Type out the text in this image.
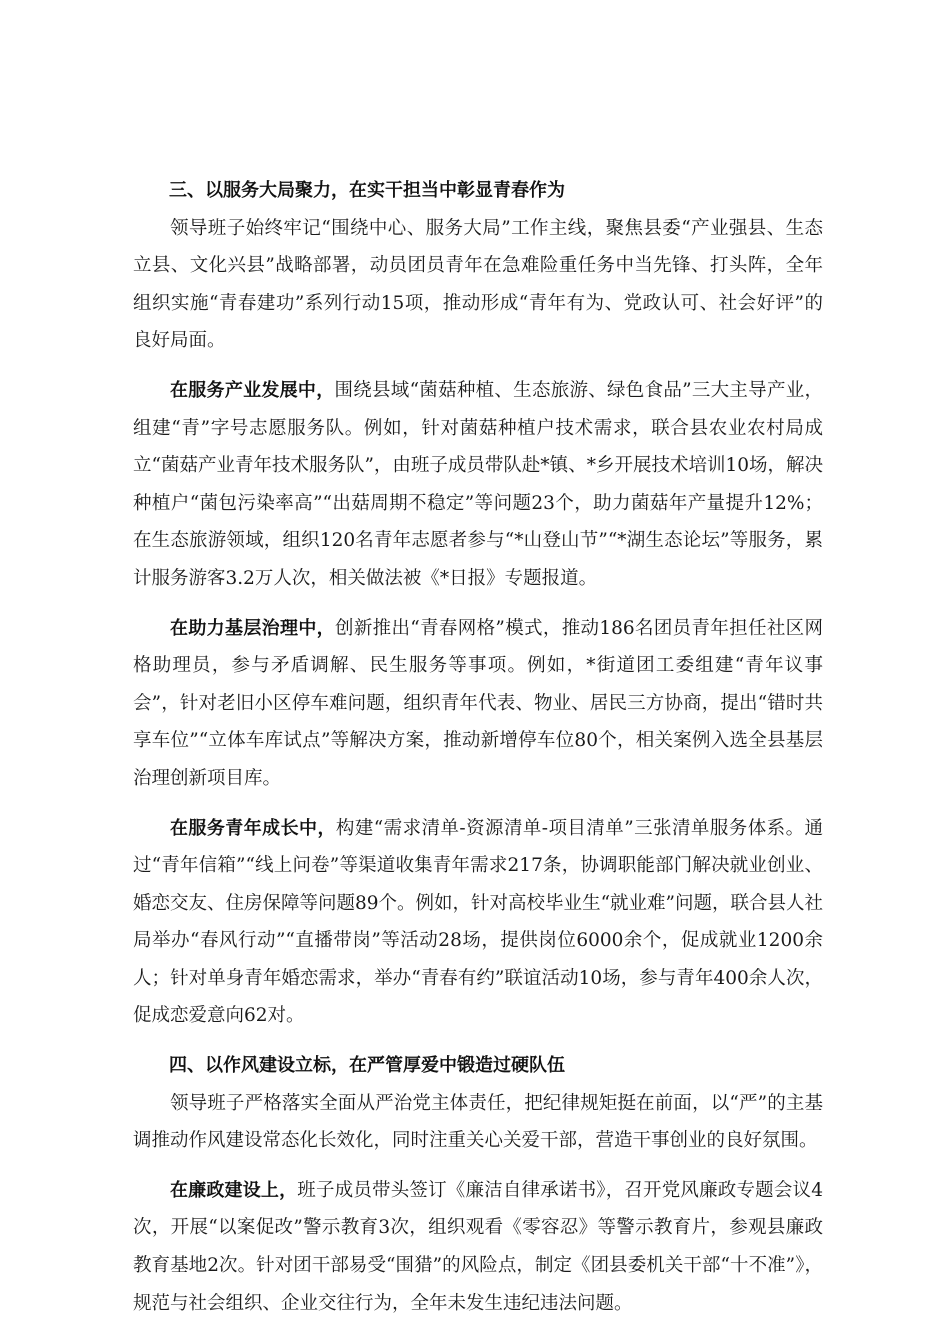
三、以服务大局聚力，在实干担当中彰显青春作为

领导班子始终牢记“围绕中心、服务大局”工作主线，聚焦县委“产业强县、生态立县、文化兴县”战略部署，动员团员青年在急难险重任务中当先锋、打头阵，全年组织实施“青春建功”系列行动15项，推动形成“青年有为、党政认可、社会好评”的良好局面。

在服务产业发展中，围绕县域“菌菇种植、生态旅游、绿色食品”三大主导产业，组建“青”字号志愿服务队。例如，针对菌菇种植户技术需求，联合县农业农村局成立“菌菇产业青年技术服务队”，由班子成员带队赴*镇、*乡开展技术培训10场，解决种植户“菌包污染率高”“出菇周期不稳定”等问题23个，助力菌菇年产量提升12%；在生态旅游领域，组织120名青年志愿者参与“*山登山节”“*湖生态论坛”等服务，累计服务游客3.2万人次，相关做法被《*日报》专题报道。

在助力基层治理中，创新推出“青春网格”模式，推动186名团员青年担任社区网格助理员，参与矛盾调解、民生服务等事项。例如，*街道团工委组建“青年议事会”，针对老旧小区停车难问题，组织青年代表、物业、居民三方协商，提出“错时共享车位”“立体车库试点”等解决方案，推动新增停车位80个，相关案例入选全县基层治理创新项目库。

在服务青年成长中，构建“需求清单-资源清单-项目清单”三张清单服务体系。通过“青年信箱”“线上问卷”等渠道收集青年需求217条，协调职能部门解决就业创业、婚恋交友、住房保障等问题89个。例如，针对高校毕业生“就业难”问题，联合县人社局举办“春风行动”“直播带岗”等活动28场，提供岗位6000余个，促成就业1200余人；针对单身青年婚恋需求，举办“青春有约”联谊活动10场，参与青年400余人次，促成恋爱意向62对。

四、以作风建设立标，在严管厚爱中锻造过硬队伍

领导班子严格落实全面从严治党主体责任，把纪律规矩挺在前面，以“严”的主基调推动作风建设常态化长效化，同时注重关心关爱干部，营造干事创业的良好氛围。

在廉政建设上，班子成员带头签订《廉洁自律承诺书》，召开党风廉政专题会议4次，开展“以案促改”警示教育3次，组织观看《零容忍》等警示教育片，参观县廉政教育基地2次。针对团干部易受“围猎”的风险点，制定《团县委机关干部“十不准”》，规范与社会组织、企业交往行为，全年未发生违纪违法问题。
